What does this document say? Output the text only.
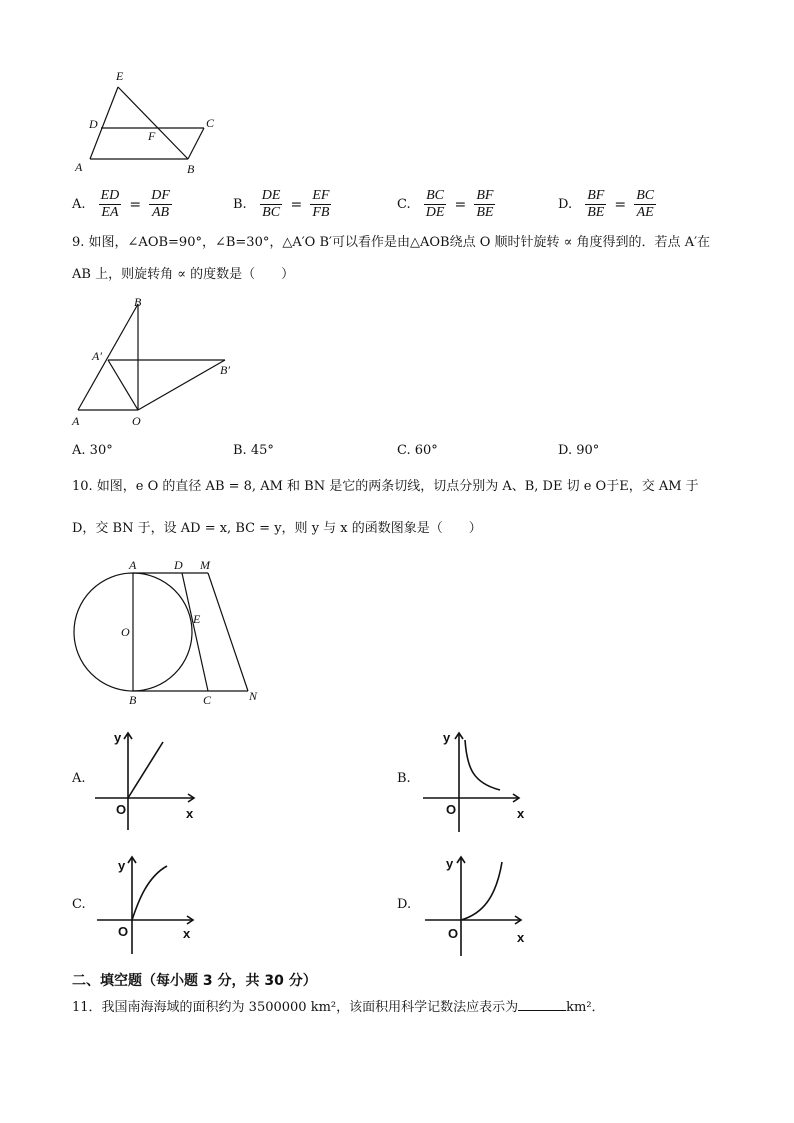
E
D	C
F
A	B
A. $\frac{ED}{EA} = \frac{DF}{AB}$	B. $\frac{DE}{BC} = \frac{EF}{FB}$	C. $\frac{BC}{DE} = \frac{BF}{BE}$	D. $\frac{BF}{BE} = \frac{BC}{AE}$
9. 如图，∠AOB=90°，∠B=30°，△A′O B′可以看作是由△AOB绕点 O 顺时针旋转 ∝ 角度得到的．若点 A′在
AB 上，则旋转角 ∝ 的度数是（　　）
B
A′
B′
A	O
A. 30°	B. 45°	C. 60°	D. 90°
10. 如图，e O 的直径 AB = 8, AM 和 BN 是它的两条切线，切点分别为 A、B, DE 切 e O于E，交 AM 于
D，交 BN 于，设 AD = x, BC = y，则 y 与 x 的函数图象是（　　）
A	D M
O
E
B	C	N
A.
y
x
O
B.
y
x
O
C.
y
x
O
D.
y
x
O
二、填空题（每小题 3 分，共 30 分）
11．我国南海海域的面积约为 3500000 km²，该面积用科学记数法应表示为	km²．
